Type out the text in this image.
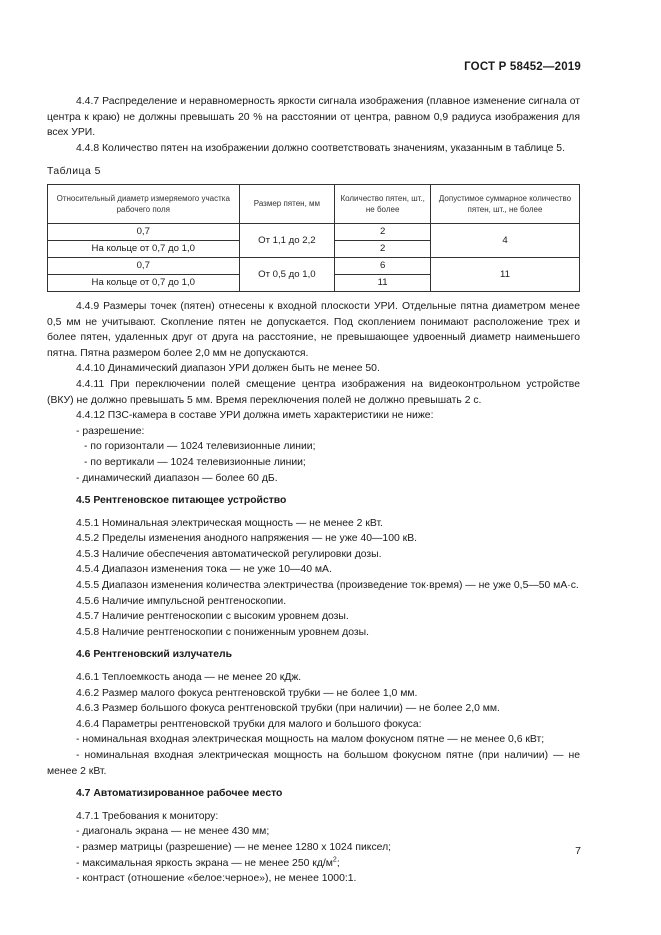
ГОСТ Р 58452—2019

4.4.7 Распределение и неравномерность яркости сигнала изображения (плавное изменение сигнала от центра к краю) не должны превышать 20 % на расстоянии от центра, равном 0,9 радиуса изображения для всех УРИ.

4.4.8 Количество пятен на изображении должно соответствовать значениям, указанным в таблице 5.

Таблица 5
Относительный диаметр измеряемого участка рабочего поля	Размер пятен, мм	Количество пятен, шт., не более	Допустимое суммарное количество пятен, шт., не более
0,7	От 1,1 до 2,2	2	4
На кольце от 0,7 до 1,0		2	
0,7	От 0,5 до 1,0	6	11
На кольце от 0,7 до 1,0		11	

4.4.9 Размеры точек (пятен) отнесены к входной плоскости УРИ. Отдельные пятна диаметром менее 0,5 мм не учитывают. Скопление пятен не допускается. Под скоплением понимают расположение трех и более пятен, удаленных друг от друга на расстояние, не превышающее удвоенный диаметр наименьшего пятна. Пятна размером более 2,0 мм не допускаются.

4.4.10 Динамический диапазон УРИ должен быть не менее 50.

4.4.11 При переключении полей смещение центра изображения на видеоконтрольном устройстве (ВКУ) не должно превышать 5 мм. Время переключения полей не должно превышать 2 с.

4.4.12 ПЗС-камера в составе УРИ должна иметь характеристики не ниже:

- разрешение:

- по горизонтали — 1024 телевизионные линии;

- по вертикали — 1024 телевизионные линии;

- динамический диапазон — более 60 дБ.

4.5 Рентгеновское питающее устройство

4.5.1 Номинальная электрическая мощность — не менее 2 кВт.

4.5.2 Пределы изменения анодного напряжения — не уже 40—100 кВ.

4.5.3 Наличие обеспечения автоматической регулировки дозы.

4.5.4 Диапазон изменения тока — не уже 10—40 мА.

4.5.5 Диапазон изменения количества электричества (произведение ток·время) — не уже 0,5—50 мА·с.

4.5.6 Наличие импульсной рентгеноскопии.

4.5.7 Наличие рентгеноскопии с высоким уровнем дозы.

4.5.8 Наличие рентгеноскопии с пониженным уровнем дозы.

4.6 Рентгеновский излучатель

4.6.1 Теплоемкость анода — не менее 20 кДж.

4.6.2 Размер малого фокуса рентгеновской трубки — не более 1,0 мм.

4.6.3 Размер большого фокуса рентгеновской трубки (при наличии) — не более 2,0 мм.

4.6.4 Параметры рентгеновской трубки для малого и большого фокуса:

- номинальная входная электрическая мощность на малом фокусном пятне — не менее 0,6 кВт;

- номинальная входная электрическая мощность на большом фокусном пятне (при наличии) — не менее 2 кВт.

4.7 Автоматизированное рабочее место

4.7.1 Требования к монитору:

- диагональ экрана — не менее 430 мм;

- размер матрицы (разрешение) — не менее 1280 x 1024 пиксел;

- максимальная яркость экрана — не менее 250 $кд/м^2$;

- контраст (отношение «белое:черное»), не менее 1000:1.

7
